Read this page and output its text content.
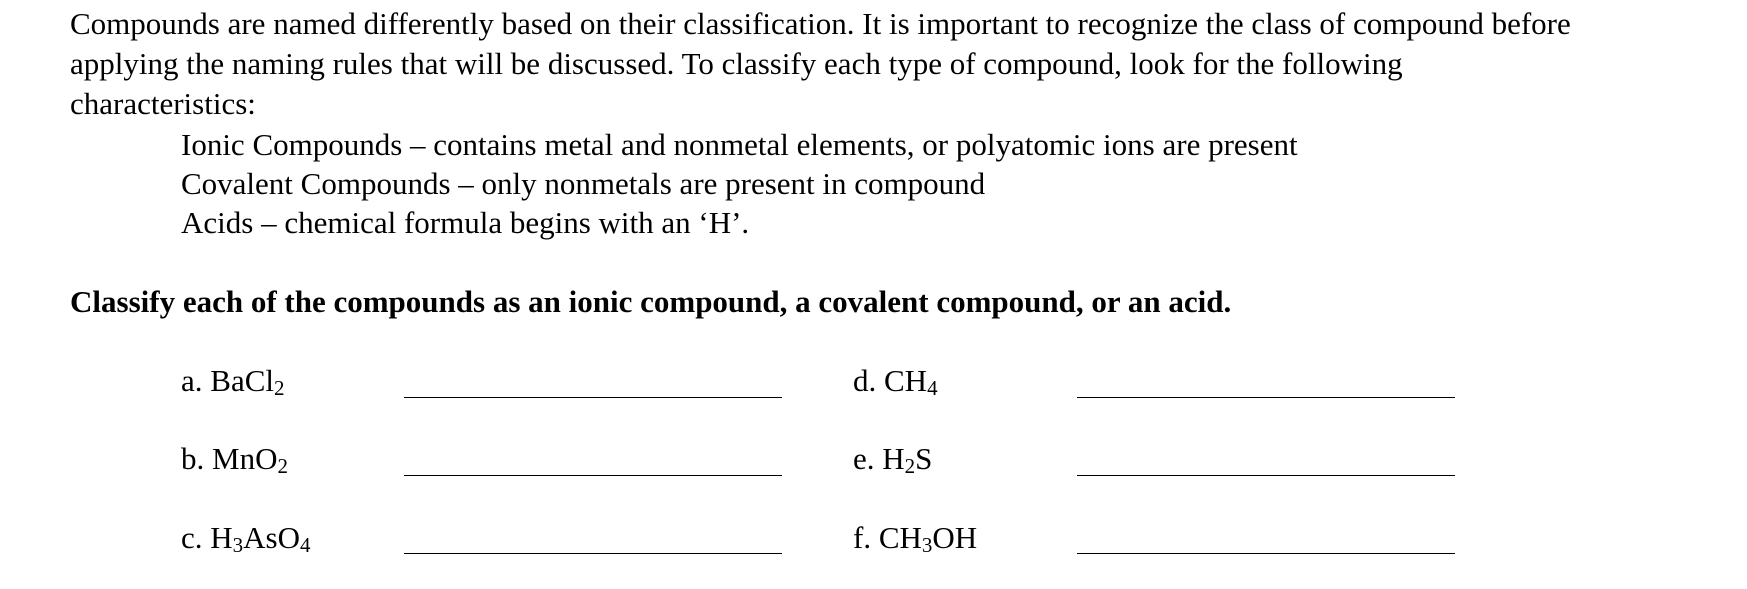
Compounds are named differently based on their classification. It is important to recognize the class of compound before
applying the naming rules that will be discussed. To classify each type of compound, look for the following
characteristics:

Ionic Compounds – contains metal and nonmetal elements, or polyatomic ions are present
Covalent Compounds – only nonmetals are present in compound
Acids – chemical formula begins with an ‘H’.

Classify each of the compounds as an ionic compound, a covalent compound, or an acid.

a. BaCl$_2$
b. MnO$_2$
c. $H_3AsO_4$
d. $CH_4$
e. $H_2S$
f. $CH_3OH$
